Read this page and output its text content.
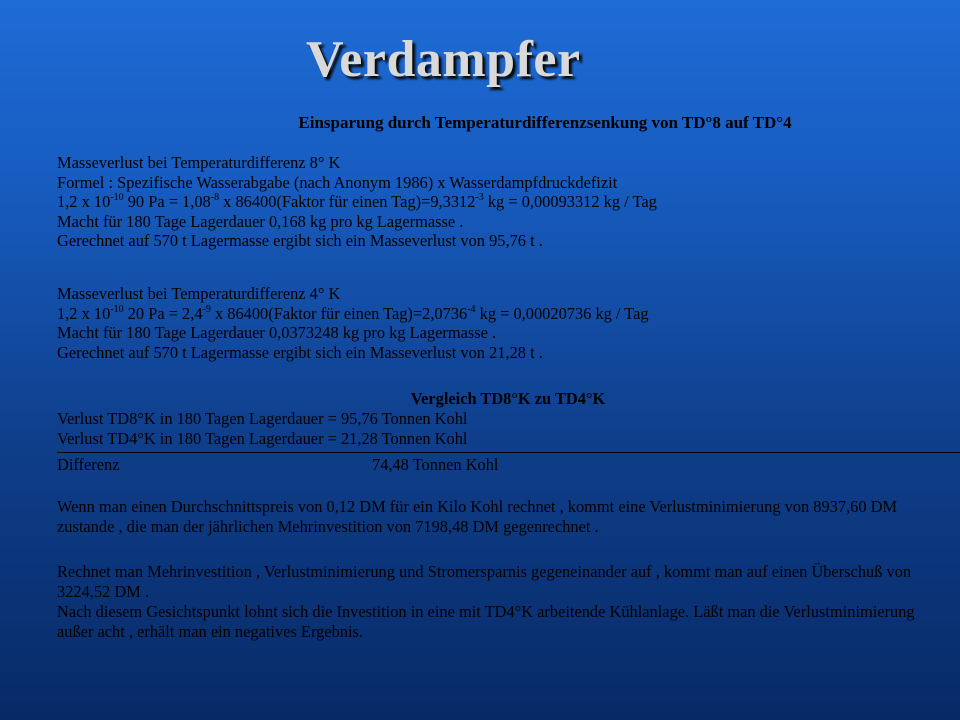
Verdampfer
Einsparung durch Temperaturdifferenzsenkung von TD°8 auf TD°4
Masseverlust bei Temperaturdifferenz 8° K
Formel : Spezifische Wasserabgabe (nach Anonym 1986) x Wasserdampfdruckdefizit
1,2 x $10^{-10}$ 90 $Pa = 1,08^{-8}$ x 86400(Faktor für einen $Tag)=9,3312^{-3}$ kg = 0,00093312 kg / Tag
Macht für 180 Tage Lagerdauer 0,168 kg pro kg Lagermasse .
Gerechnet auf 570 t Lagermasse ergibt sich ein Masseverlust von 95,76 t .
Masseverlust bei Temperaturdifferenz 4° K
1,2 x $10^{-10}$ 20 $Pa = 2,4^{-9}$ x 86400(Faktor für einen $Tag)=2,0736^{-4}$ kg = 0,00020736 kg / Tag
Macht für 180 Tage Lagerdauer 0,0373248 kg pro kg Lagermasse .
Gerechnet auf 570 t Lagermasse ergibt sich ein Masseverlust von 21,28 t .
Vergleich TD8°K zu TD4°K
Verlust TD8°K in 180 Tagen Lagerdauer = 95,76 Tonnen Kohl
Verlust TD4°K in 180 Tagen Lagerdauer = 21,28 Tonnen Kohl
Differenz	74,48 Tonnen Kohl
Wenn man einen Durchschnittspreis von 0,12 DM für ein Kilo Kohl rechnet , kommt eine Verlustminimierung von 8937,60 DM zustande , die man der jährlichen Mehrinvestition von 7198,48 DM gegenrechnet .
Rechnet man Mehrinvestition , Verlustminimierung und Stromersparnis gegeneinander auf , kommt man auf einen Überschuß von 3224,52 DM .
Nach diesem Gesichtspunkt lohnt sich die Investition in eine mit TD4°K arbeitende Kühlanlage. Läßt man die Verlustminimierung außer acht , erhält man ein negatives Ergebnis.
